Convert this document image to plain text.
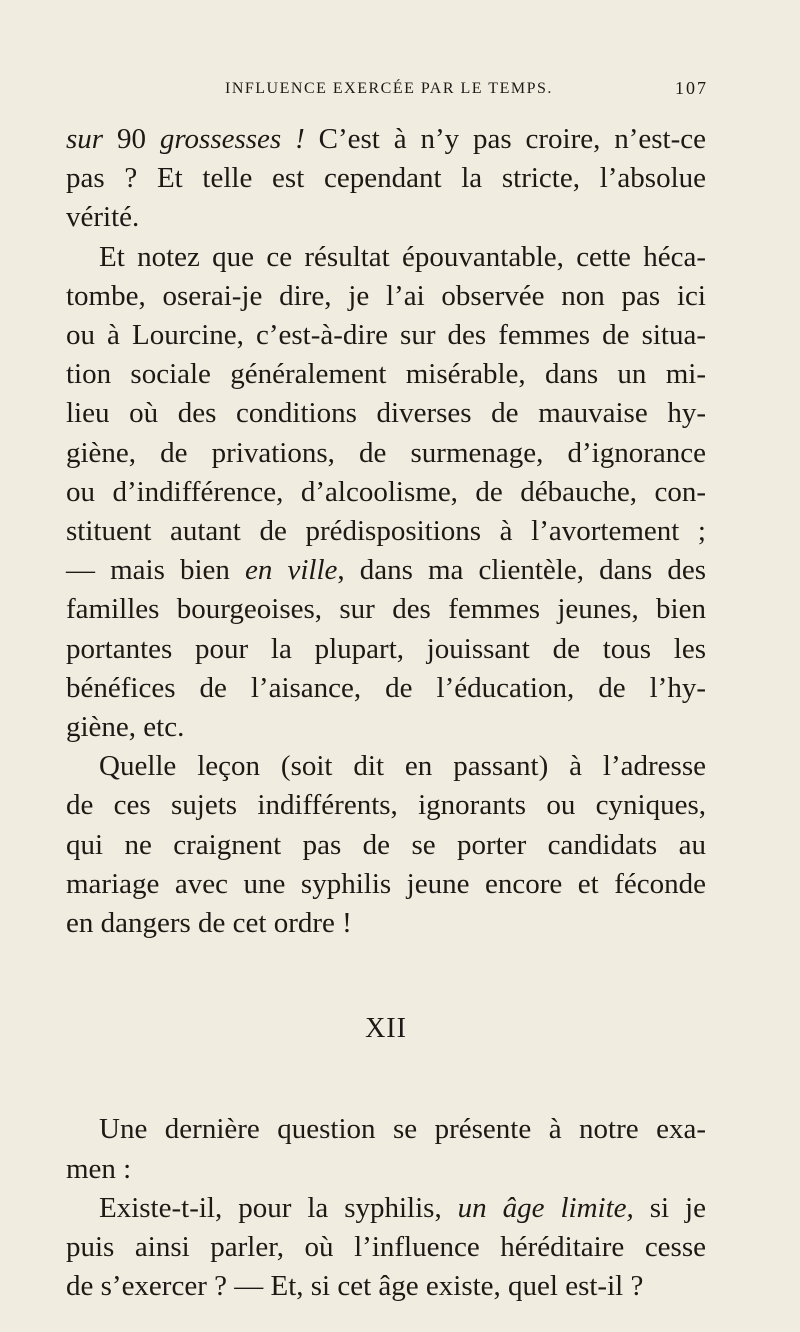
INFLUENCE EXERCÉE PAR LE TEMPS.	107
sur 90 grossesses ! C’est à n’y pas croire, n’est-ce
pas ? Et telle est cependant la stricte, l’absolue
vérité.
Et notez que ce résultat épouvantable, cette héca-
tombe, oserai-je dire, je l’ai observée non pas ici
ou à Lourcine, c’est-à-dire sur des femmes de situa-
tion sociale généralement misérable, dans un mi-
lieu où des conditions diverses de mauvaise hy-
giène, de privations, de surmenage, d’ignorance
ou d’indifférence, d’alcoolisme, de débauche, con-
stituent autant de prédispositions à l’avortement ;
— mais bien en ville, dans ma clientèle, dans des
familles bourgeoises, sur des femmes jeunes, bien
portantes pour la plupart, jouissant de tous les
bénéfices de l’aisance, de l’éducation, de l’hy-
giène, etc.
Quelle leçon (soit dit en passant) à l’adresse
de ces sujets indifférents, ignorants ou cyniques,
qui ne craignent pas de se porter candidats au
mariage avec une syphilis jeune encore et féconde
en dangers de cet ordre !
XII
Une dernière question se présente à notre exa-
men :
Existe-t-il, pour la syphilis, un âge limite, si je
puis ainsi parler, où l’influence héréditaire cesse
de s’exercer ? — Et, si cet âge existe, quel est-il ?
